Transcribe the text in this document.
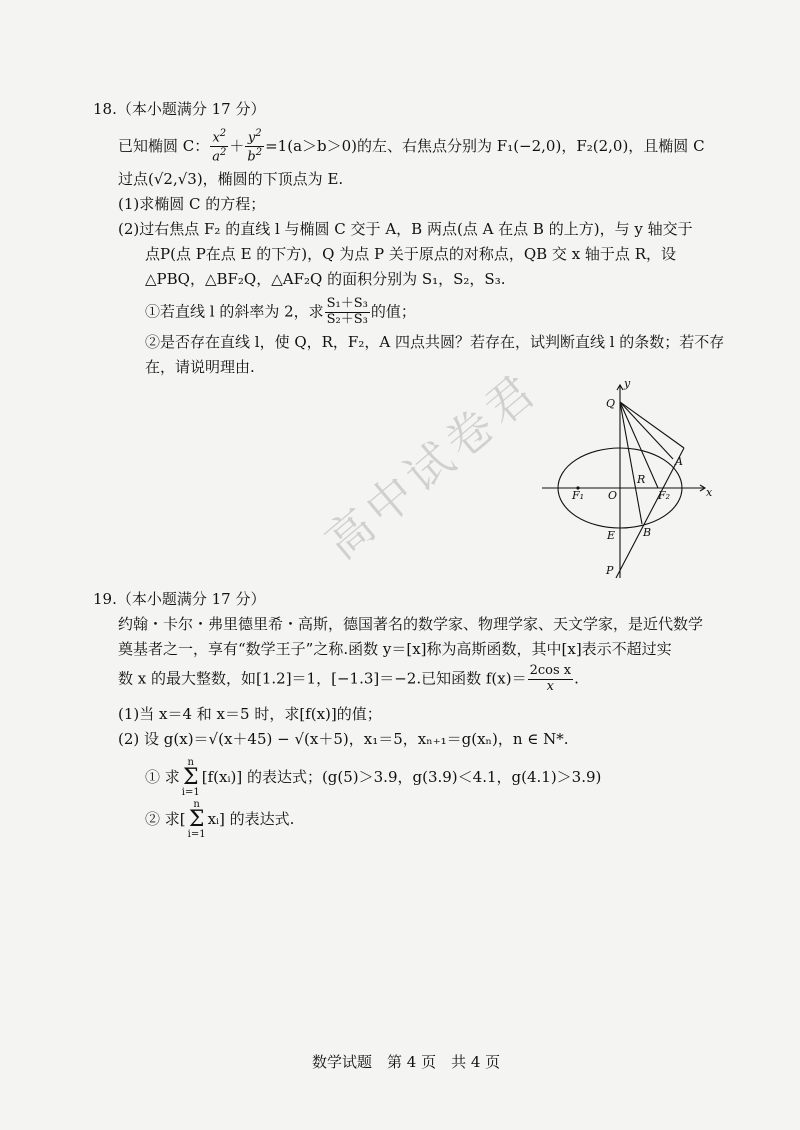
18.（本小题满分 17 分）
已知椭圆 C： $\frac{x^2}{a^2} + \frac{y^2}{b^2} =1(a>b>0)$的左、右焦点分别为 F₁(−2,0)，F₂(2,0)，且椭圆 C
过点(√2,√3)，椭圆的下顶点为 E.
(1)求椭圆 C 的方程；
(2)过右焦点 F₂ 的直线 l 与椭圆 C 交于 A，B 两点(点 A 在点 B 的上方)，与 y 轴交于
点P(点 P在点 E 的下方)，Q 为点 P 关于原点的对称点，QB 交 x 轴于点 R，设
△PBQ，△BF₂Q，△AF₂Q 的面积分别为 S₁，S₂，S₃.
①若直线 l 的斜率为 2，求 $\frac{\text{S₁＋S₃}}{\text{S₂＋S₃}}$ 的值；
②是否存在直线 l，使 Q，R，F₂，A 四点共圆？若存在，试判断直线 l 的条数；若不存
在，请说明理由.
y
x
Q
A
R
F₁ O	F₂
E	B
P
高中试卷君
19.（本小题满分 17 分）
约翰・卡尔・弗里德里希・高斯，德国著名的数学家、物理学家、天文学家，是近代数学
奠基者之一，享有“数学王子”之称.函数 y＝[x]称为高斯函数，其中[x]表示不超过实
数 x 的最大整数，如[1.2]＝1，[−1.3]＝−2.已知函数 $f(x)= \frac{\text{2cos x}}{x}$ .
(1)当 x＝4 和 x＝5 时，求[f(x)]的值；
(2) 设 g(x)＝√(x＋45) − √(x＋5)，x₁＝5，xₙ₊₁＝g(xₙ)，n ∈ N*.
① 求
n
Σ
i=1
[f(xᵢ)] 的表达式；(g(5)＞3.9，g(3.9)＜4.1，g(4.1)＞3.9)
② 求[
n
Σ
i=1
xᵢ] 的表达式.
数学试题　第 4 页　共 4 页
